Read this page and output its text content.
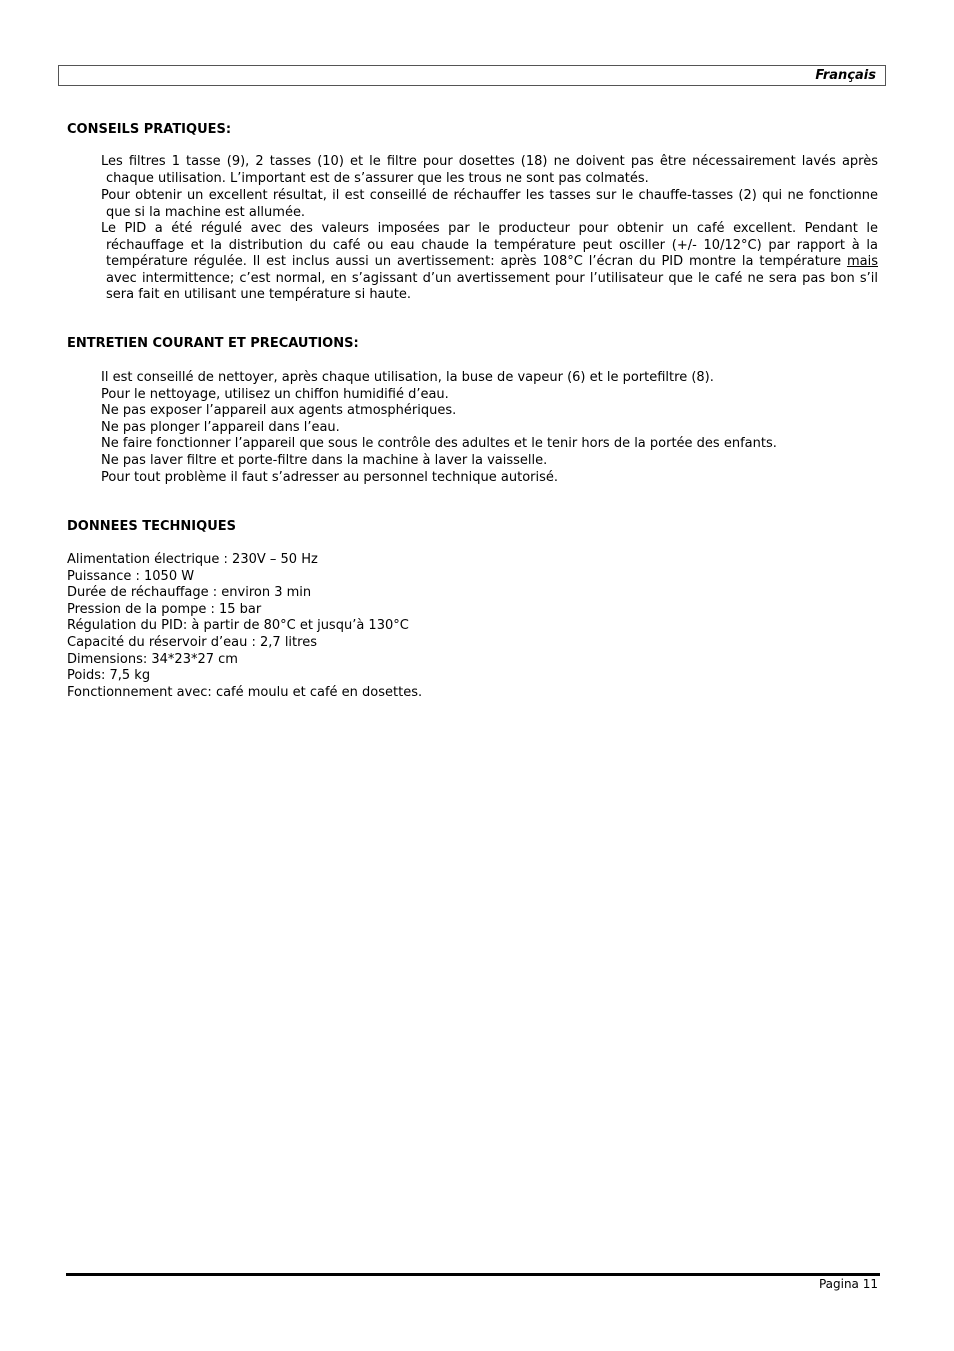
Français
CONSEILS PRATIQUES:

Les filtres 1 tasse (9), 2 tasses (10) et le filtre pour dosettes (18) ne doivent pas être nécessairement lavés après chaque utilisation. L’important est de s’assurer que les trous ne sont pas colmatés.

Pour obtenir un excellent résultat, il est conseillé de réchauffer les tasses sur le chauffe-tasses (2) qui ne fonctionne que si la machine est allumée.

Le PID a été régulé avec des valeurs imposées par le producteur pour obtenir un café excellent. Pendant le réchauffage et la distribution du café ou eau chaude la température peut osciller (+/- 10/12°C) par rapport à la température régulée. Il est inclus aussi un avertissement: après 108°C l’écran du PID montre la température mais avec intermittence; c’est normal, en s’agissant d’un avertissement pour l’utilisateur que le café ne sera pas bon s’il sera fait en utilisant une température si haute.

ENTRETIEN COURANT ET PRECAUTIONS:

Il est conseillé de nettoyer, après chaque utilisation, la buse de vapeur (6) et le portefiltre (8).

Pour le nettoyage, utilisez un chiffon humidifié d’eau.

Ne pas exposer l’appareil aux agents atmosphériques.

Ne pas plonger l’appareil dans l’eau.

Ne faire fonctionner l’appareil que sous le contrôle des adultes et le tenir hors de la portée des enfants.

Ne pas laver filtre et porte-filtre dans la machine à laver la vaisselle.

Pour tout problème il faut s’adresser au personnel technique autorisé.

DONNEES TECHNIQUES

Alimentation électrique : 230V – 50 Hz

Puissance : 1050 W

Durée de réchauffage : environ 3 min

Pression de la pompe : 15 bar

Régulation du PID: à partir de 80°C et jusqu’à 130°C

Capacité du réservoir d’eau : 2,7 litres

Dimensions: 34*23*27 cm

Poids: 7,5 kg

Fonctionnement avec: café moulu et café en dosettes.

Pagina 11
